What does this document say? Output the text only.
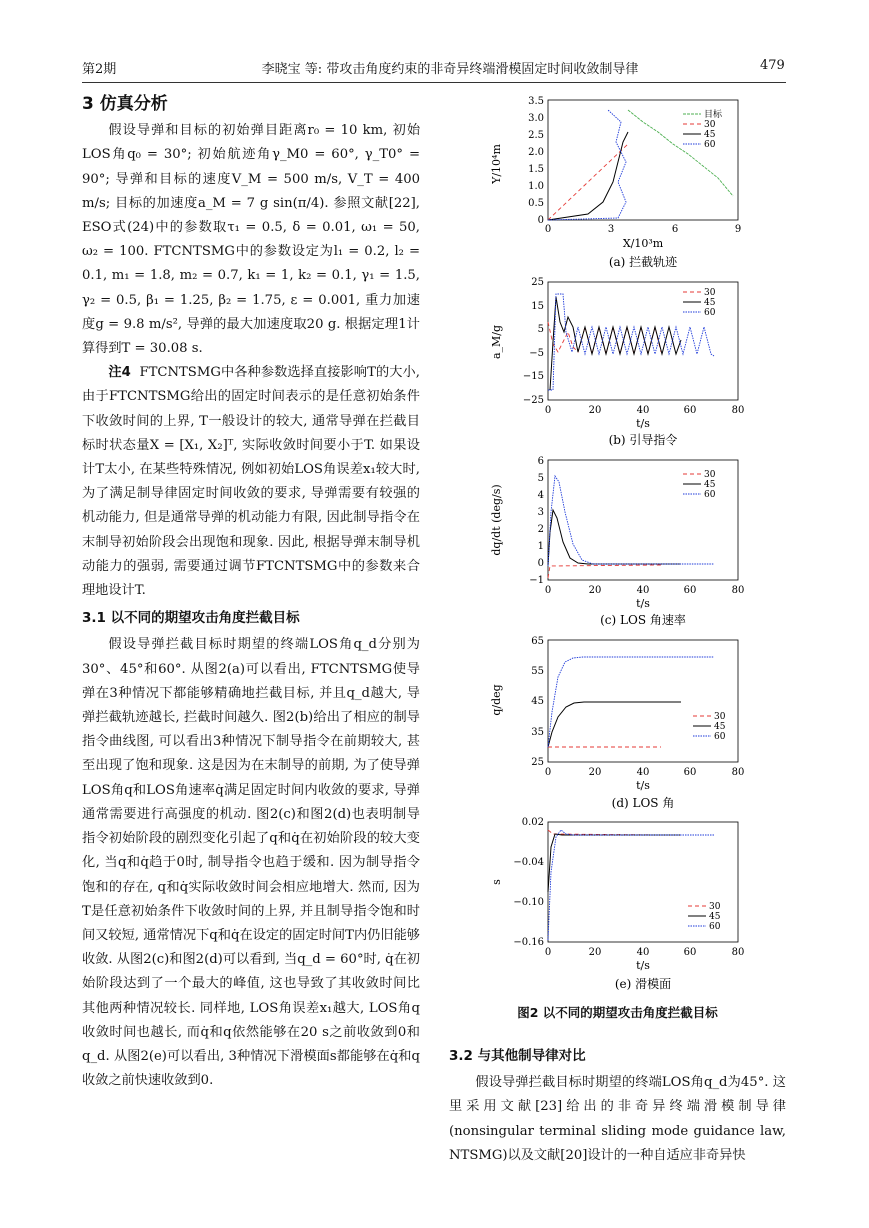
第2期	李晓宝 等: 带攻击角度约束的非奇异终端滑模固定时间收敛制导律	479
3 仿真分析

假设导弹和目标的初始弹目距离r₀ = 10 km, 初始LOS角q₀ = 30°; 初始航迹角γ_M0 = 60°, γ_T0° = 90°; 导弹和目标的速度V_M = 500 m/s, V_T = 400 m/s; 目标的加速度a_M = 7 g sin(π/4). 参照文献[22], ESO式(24)中的参数取τ₁ = 0.5, δ = 0.01, ω₁ = 50, ω₂ = 100. FTCNTSMG中的参数设定为l₁ = 0.2, l₂ = 0.1, m₁ = 1.8, m₂ = 0.7, k₁ = 1, k₂ = 0.1, γ₁ = 1.5, γ₂ = 0.5, β₁ = 1.25, β₂ = 1.75, ε = 0.001, 重力加速度g = 9.8 m/s², 导弹的最大加速度取20 g. 根据定理1计算得到T = 30.08 s.

注4 FTCNTSMG中各种参数选择直接影响T的大小, 由于FTCNTSMG给出的固定时间表示的是任意初始条件下收敛时间的上界, T一般设计的较大, 通常导弹在拦截目标时状态量X = [X₁, X₂]ᵀ, 实际收敛时间要小于T. 如果设计T太小, 在某些特殊情况, 例如初始LOS角误差x₁较大时, 为了满足制导律固定时间收敛的要求, 导弹需要有较强的机动能力, 但是通常导弹的机动能力有限, 因此制导指令在末制导初始阶段会出现饱和现象. 因此, 根据导弹末制导机动能力的强弱, 需要通过调节FTCNTSMG中的参数来合理地设计T.

3.1 以不同的期望攻击角度拦截目标

假设导弹拦截目标时期望的终端LOS角q_d分别为30°、45°和60°. 从图2(a)可以看出, FTCNTSMG使导弹在3种情况下都能够精确地拦截目标, 并且q_d越大, 导弹拦截轨迹越长, 拦截时间越久. 图2(b)给出了相应的制导指令曲线图, 可以看出3种情况下制导指令在前期较大, 甚至出现了饱和现象. 这是因为在末制导的前期, 为了使导弹LOS角q和LOS角速率q̇满足固定时间内收敛的要求, 导弹通常需要进行高强度的机动. 图2(c)和图2(d)也表明制导指令初始阶段的剧烈变化引起了q和q̇在初始阶段的较大变化, 当q和q̇趋于0时, 制导指令也趋于缓和. 因为制导指令饱和的存在, q和q̇实际收敛时间会相应地增大. 然而, 因为T是任意初始条件下收敛时间的上界, 并且制导指令饱和时间又较短, 通常情况下q和q̇在设定的固定时间T内仍旧能够收敛. 从图2(c)和图2(d)可以看到, 当q_d = 60°时, q̇在初始阶段达到了一个最大的峰值, 这也导致了其收敛时间比其他两种情况较长. 同样地, LOS角误差x₁越大, LOS角q收敛时间也越长, 而q̇和q依然能够在20 s之前收敛到0和q_d. 从图2(e)可以看出, 3种情况下滑模面s都能够在q̇和q收敛之前快速收敛到0.

Y/10⁴m
0
0.5
1.0
1.5
2.0
2.5
3.0
3.5
0	3	6	9
目标
30
45
60
X/10³m
(a) 拦截轨迹
a_M/g
25
15
5
−5
−15
−25
0	20	40	60	80
30
45
60
t/s
(b) 引导指令
dq/dt (deg/s)
−1
0
1
2
3
4
5
6
0	20	40	60	80
30
45
60
t/s
(c) LOS 角速率
q/deg
25
35
45
55
65
0	20	40	60	80
30
45
60
t/s
(d) LOS 角
s
0.02
−0.04
−0.10
−0.16
0	20	40	60	80
30
45
60
t/s
(e) 滑模面
图2 以不同的期望攻击角度拦截目标
3.2 与其他制导律对比

假设导弹拦截目标时期望的终端LOS角q_d为45°. 这里采用文献[23]给出的非奇异终端滑模制导律(nonsingular terminal sliding mode guidance law, NTSMG)以及文献[20]设计的一种自适应非奇异快
